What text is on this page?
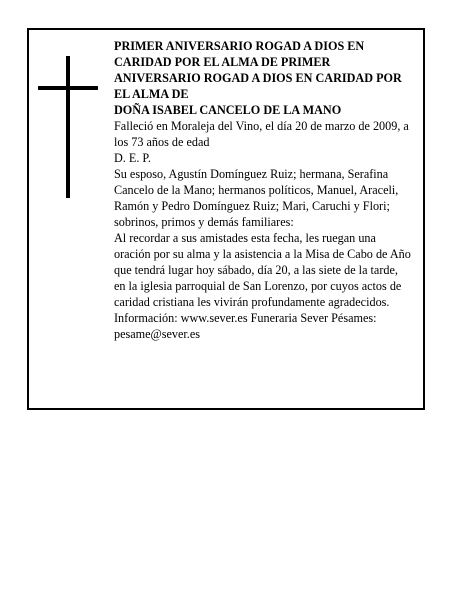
PRIMER ANIVERSARIO ROGAD A DIOS EN CARIDAD POR EL ALMA DE PRIMER ANIVERSARIO ROGAD A DIOS EN CARIDAD POR EL ALMA DE

DOÑA ISABEL CANCELO DE LA MANO

Falleció en Moraleja del Vino, el día 20 de marzo de 2009, a los 73 años de edad

D. E. P.

Su esposo, Agustín Domínguez Ruiz; hermana, Serafina Cancelo de la Mano; hermanos políticos, Manuel, Araceli, Ramón y Pedro Domínguez Ruiz; Mari, Caruchi y Flori; sobrinos, primos y demás familiares:

Al recordar a sus amistades esta fecha, les ruegan una oración por su alma y la asistencia a la Misa de Cabo de Año que tendrá lugar hoy sábado, día 20, a las siete de la tarde, en la iglesia parroquial de San Lorenzo, por cuyos actos de caridad cristiana les vivirán profundamente agradecidos.

Información: www.sever.es Funeraria Sever Pésames: pesame@sever.es
